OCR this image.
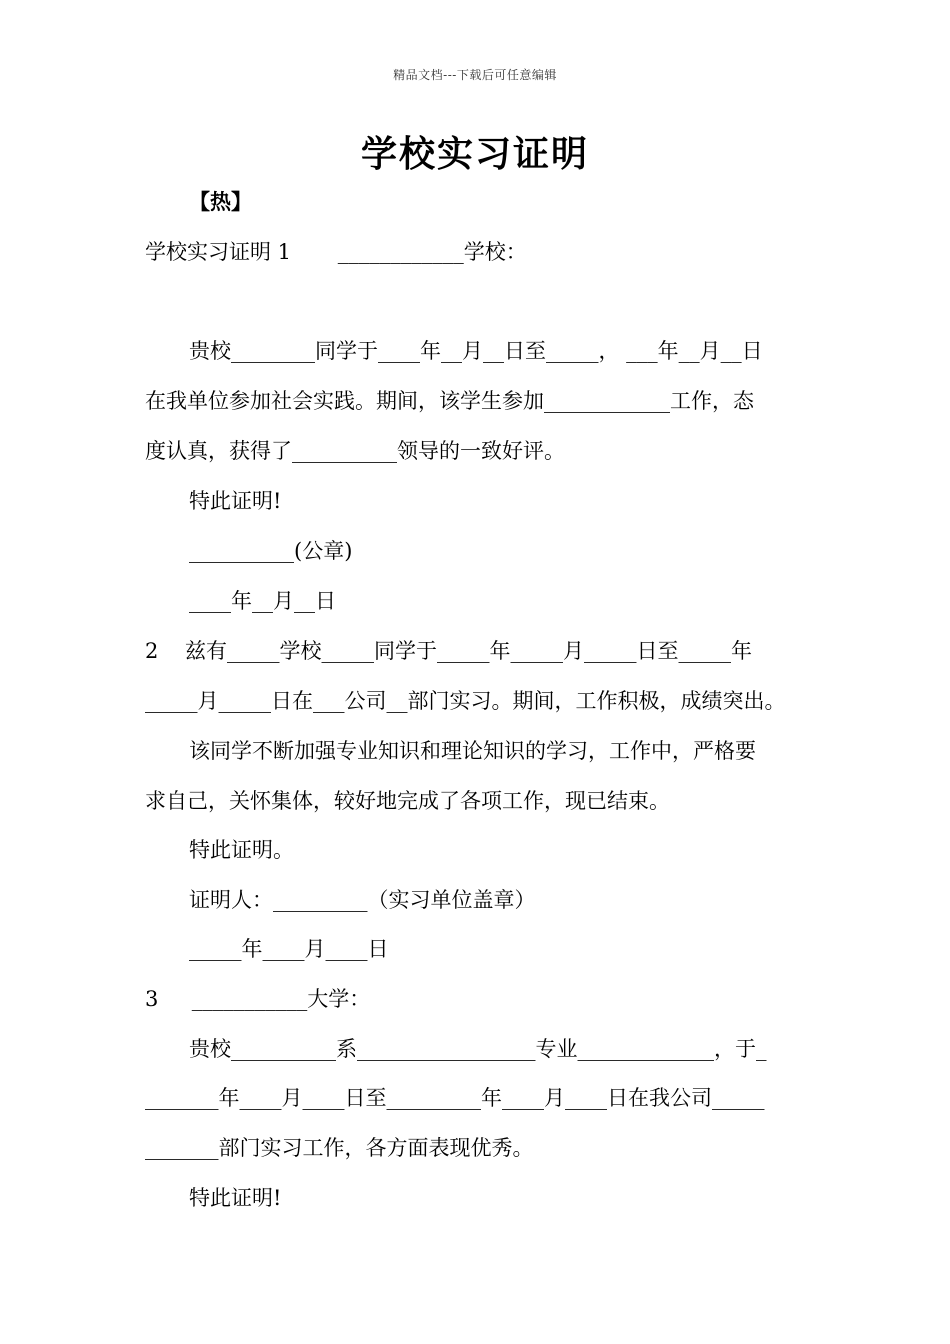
精品文档---下载后可任意编辑
学校实习证明
【热】
学校实习证明 1       ____________学校：
贵校________同学于____年__月__日至_____， ___年__月__日
在我单位参加社会实践。期间，该学生参加____________工作，态
度认真，获得了__________领导的一致好评。
特此证明!
__________(公章)
____年__月__日
2    兹有_____学校_____同学于_____年_____月_____日至_____年
_____月_____日在___公司__部门实习。期间，工作积极，成绩突出。
该同学不断加强专业知识和理论知识的学习，工作中，严格要
求自己，关怀集体，较好地完成了各项工作，现已结束。
特此证明。
证明人：_________（实习单位盖章）
_____年____月____日
3     ___________大学：
贵校__________系_________________专业_____________，于_
_______年____月____日至_________年____月____日在我公司_____
_______部门实习工作，各方面表现优秀。
特此证明!
